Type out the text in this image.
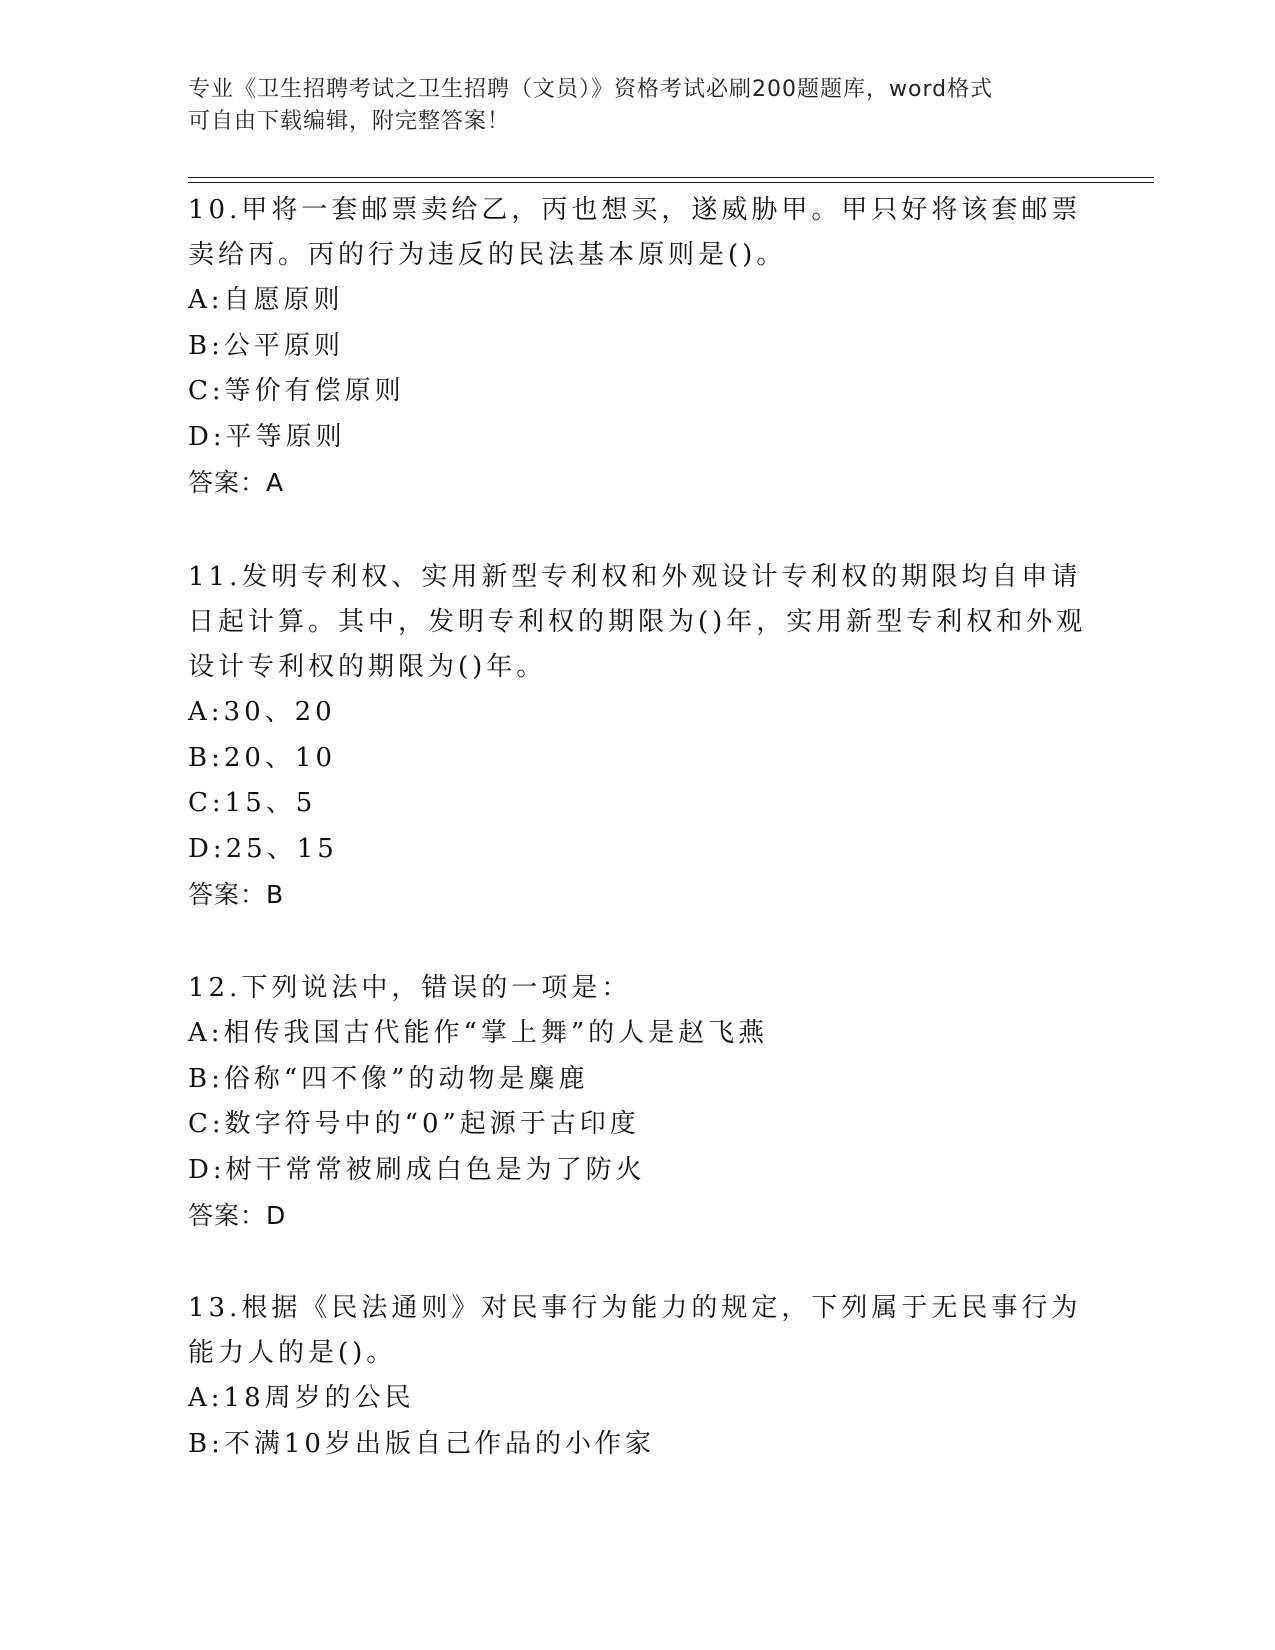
专业《卫生招聘考试之卫生招聘（文员）》资格考试必刷200题题库，word格式
可自由下载编辑，附完整答案！

10.甲将一套邮票卖给乙，丙也想买，遂威胁甲。甲只好将该套邮票卖给丙。丙的行为违反的民法基本原则是()。

A:自愿原则

B:公平原则

C:等价有偿原则

D:平等原则

答案：A

11.发明专利权、实用新型专利权和外观设计专利权的期限均自申请日起计算。其中，发明专利权的期限为()年，实用新型专利权和外观设计专利权的期限为()年。

A:30、20

B:20、10

C:15、5

D:25、15

答案：B

12.下列说法中，错误的一项是：

A:相传我国古代能作“掌上舞”的人是赵飞燕

B:俗称“四不像”的动物是麋鹿

C:数字符号中的“0”起源于古印度

D:树干常常被刷成白色是为了防火

答案：D

13.根据《民法通则》对民事行为能力的规定，下列属于无民事行为能力人的是()。

A:18周岁的公民

B:不满10岁出版自己作品的小作家
